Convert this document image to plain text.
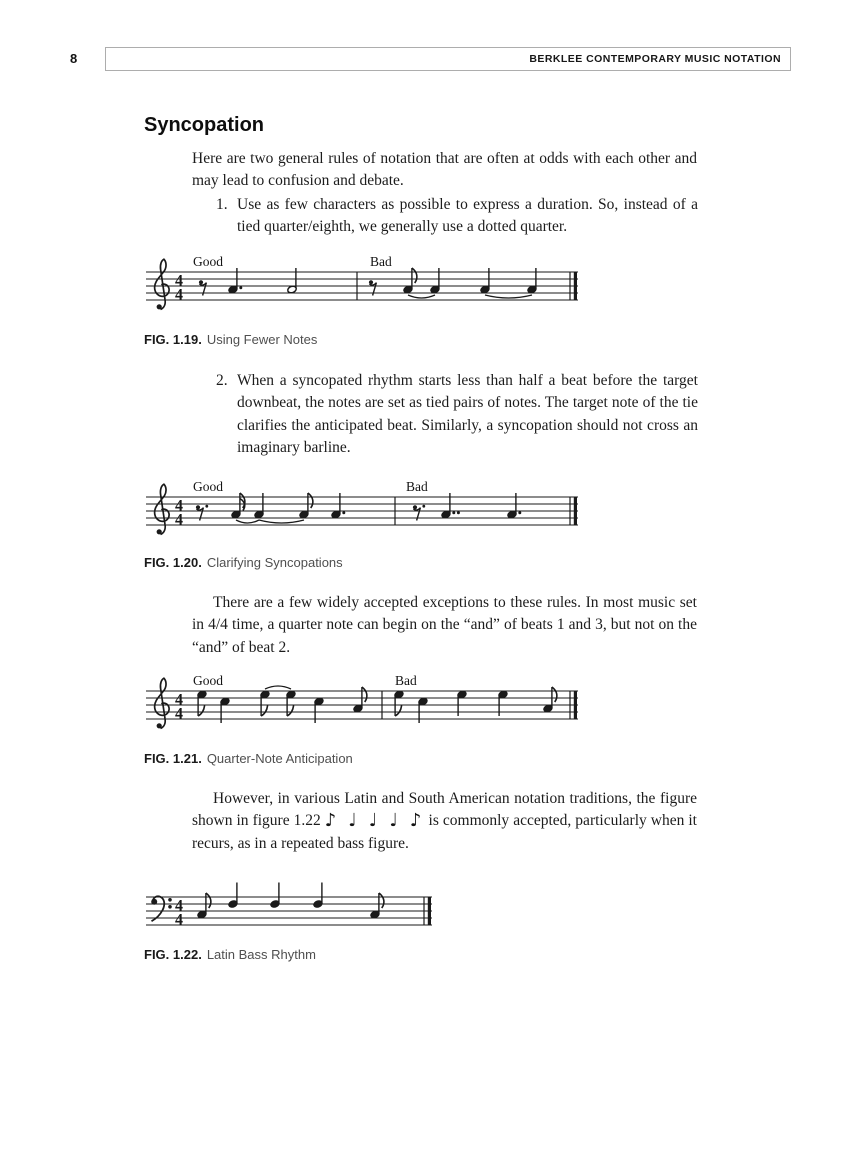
8	BERKLEE CONTEMPORARY MUSIC NOTATION
Syncopation

Here are two general rules of notation that are often at odds with each other and may lead to confusion and debate.

1. Use as few characters as possible to express a duration. So, instead of a tied quarter/eighth, we generally use a dotted quarter.

4
4
Good	Bad
FIG. 1.19. Using Fewer Notes
2. When a syncopated rhythm starts less than half a beat before the target downbeat, the notes are set as tied pairs of notes. The target note of the tie clarifies the anticipated beat. Similarly, a syncopation should not cross an imaginary barline.

4
4
Good	Bad
FIG. 1.20. Clarifying Syncopations

There are a few widely accepted exceptions to these rules. In most music set in 4/4 time, a quarter note can begin on the “and” of beats 1 and 3, but not on the “and” of beat 2.

4
4
Good	Bad
FIG. 1.21. Quarter-Note Anticipation

However, in various Latin and South American notation traditions, the figure shown in figure 1.22 ♪ ♩ ♩ ♩ ♪ is commonly accepted, particularly when it recurs, as in a repeated bass figure.

4
4
FIG. 1.22. Latin Bass Rhythm
